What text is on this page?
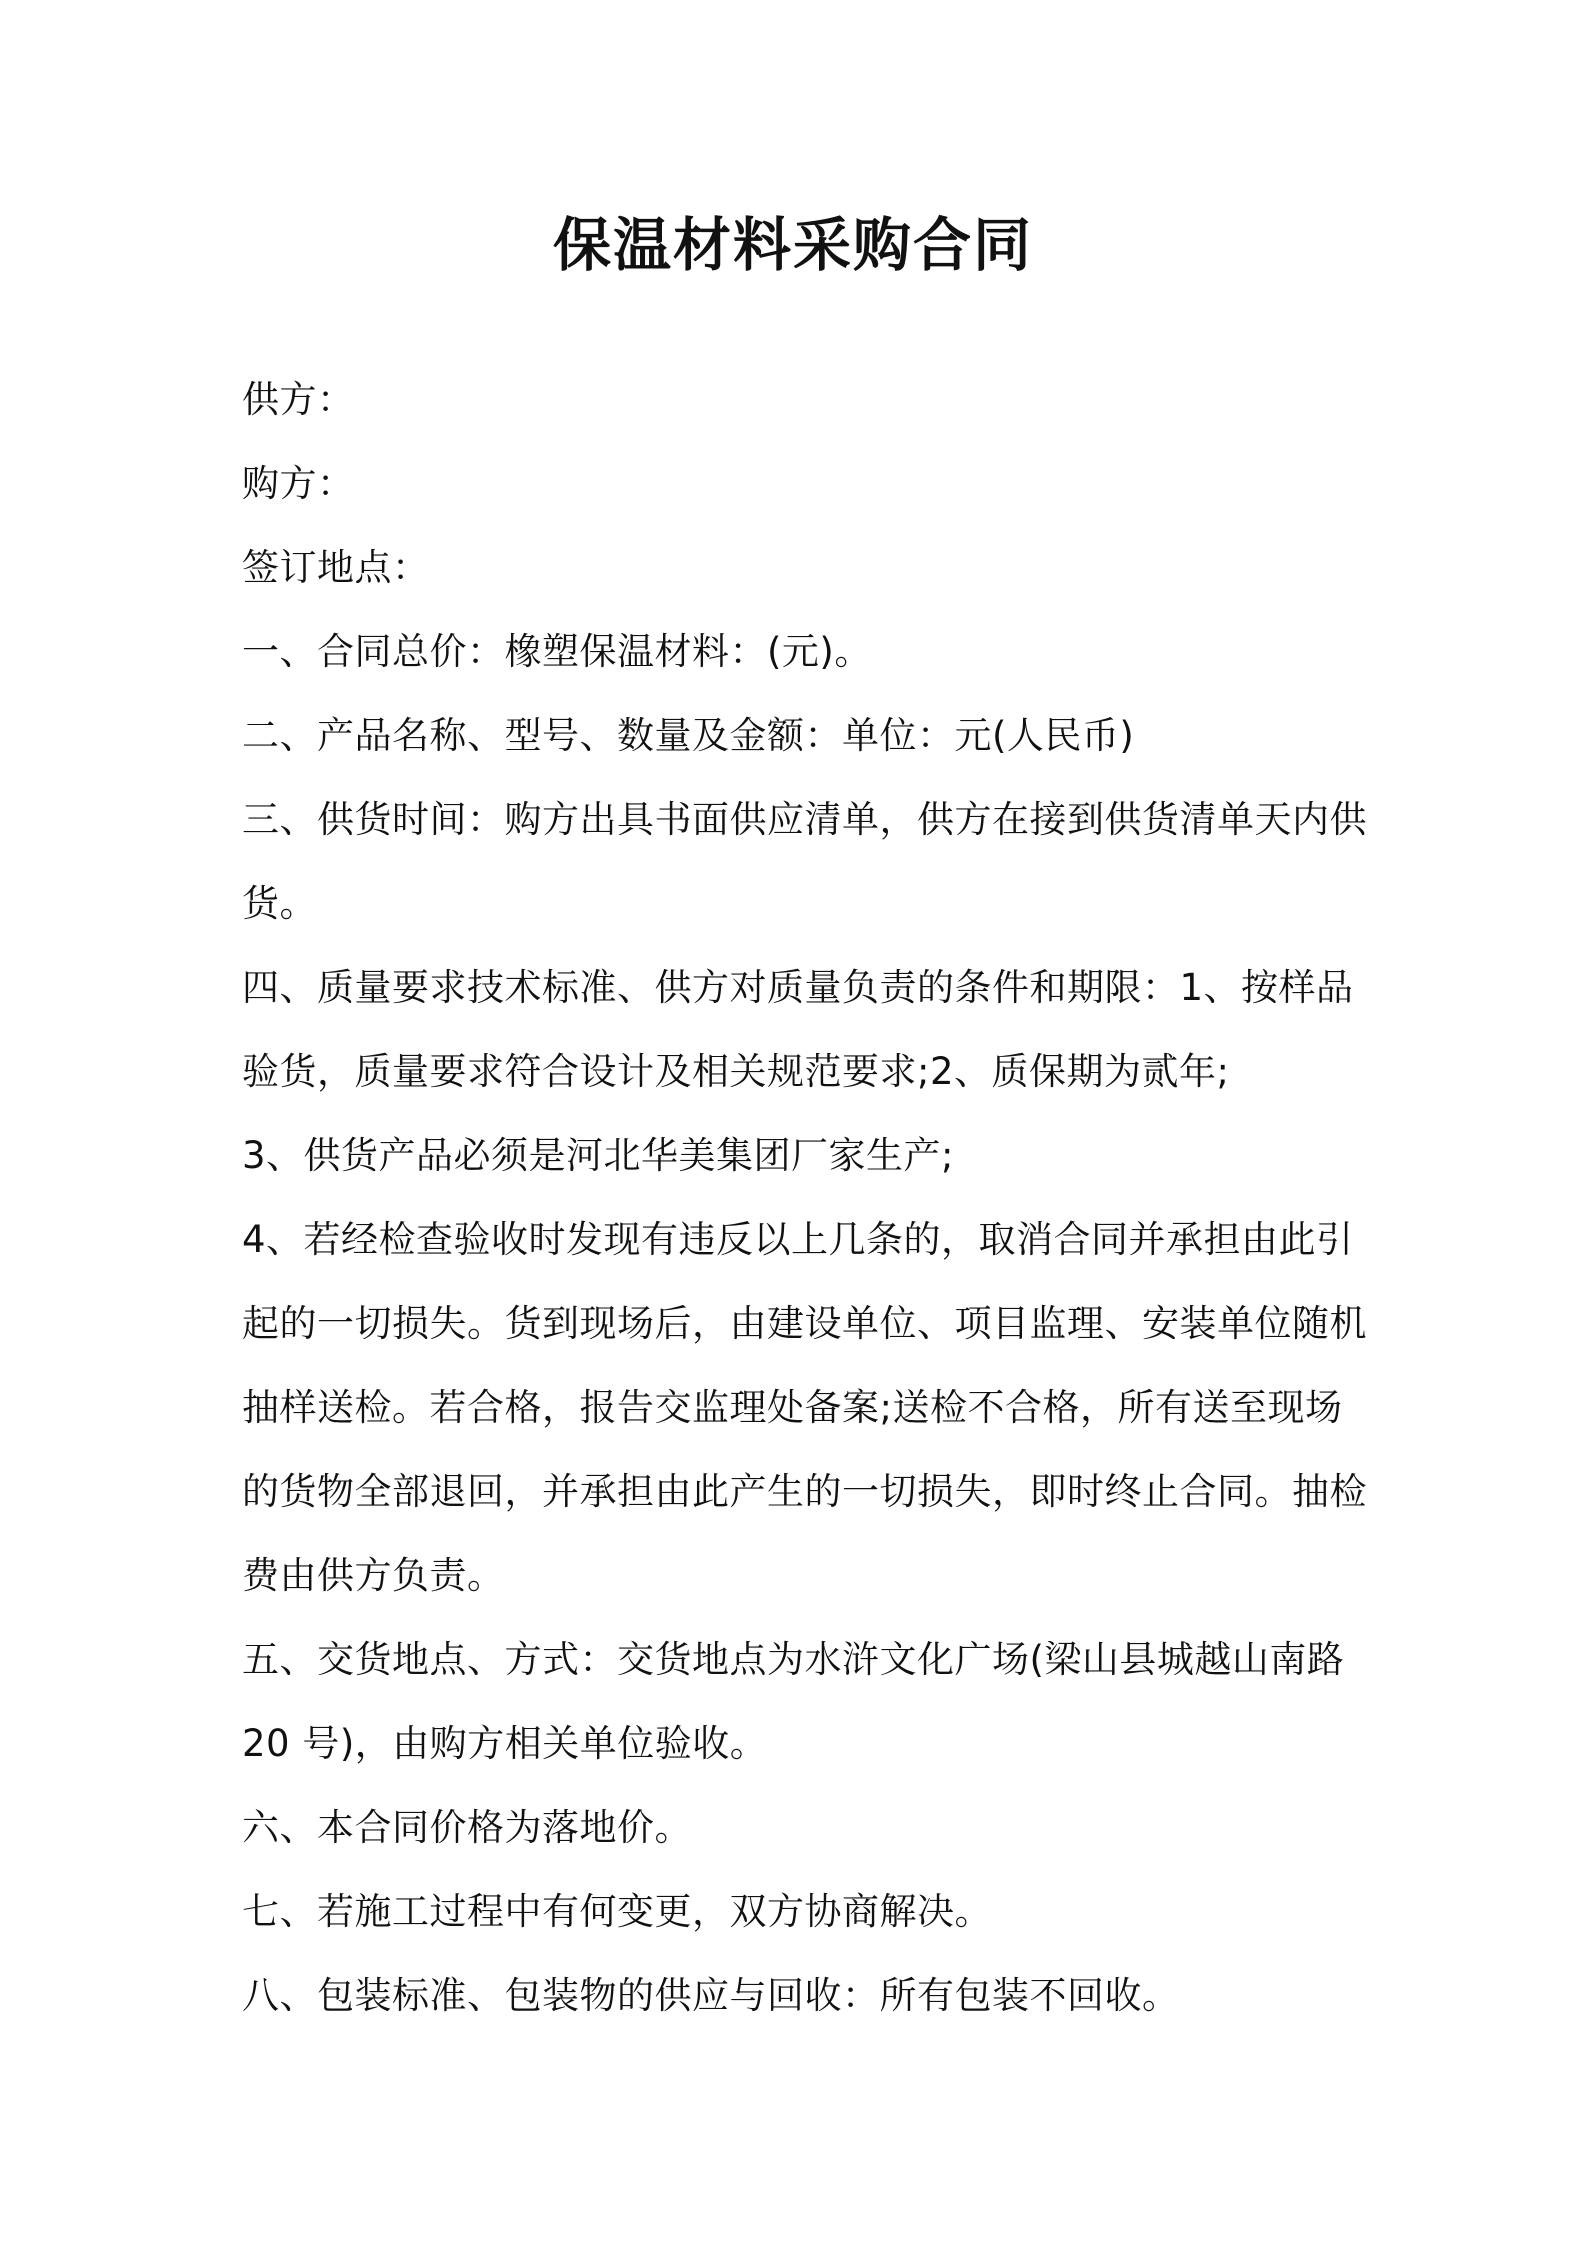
保温材料采购合同
供方：
购方：
签订地点：
一、合同总价：橡塑保温材料：(元)。
二、产品名称、型号、数量及金额：单位：元(人民币)
三、供货时间：购方出具书面供应清单，供方在接到供货清单天内供
货。
四、质量要求技术标准、供方对质量负责的条件和期限：1、按样品
验货，质量要求符合设计及相关规范要求;2、质保期为贰年;
3、供货产品必须是河北华美集团厂家生产;
4、若经检查验收时发现有违反以上几条的，取消合同并承担由此引
起的一切损失。货到现场后，由建设单位、项目监理、安装单位随机
抽样送检。若合格，报告交监理处备案;送检不合格，所有送至现场
的货物全部退回，并承担由此产生的一切损失，即时终止合同。抽检
费由供方负责。
五、交货地点、方式：交货地点为水浒文化广场(梁山县城越山南路
20 号)，由购方相关单位验收。
六、本合同价格为落地价。
七、若施工过程中有何变更，双方协商解决。
八、包装标准、包装物的供应与回收：所有包装不回收。
